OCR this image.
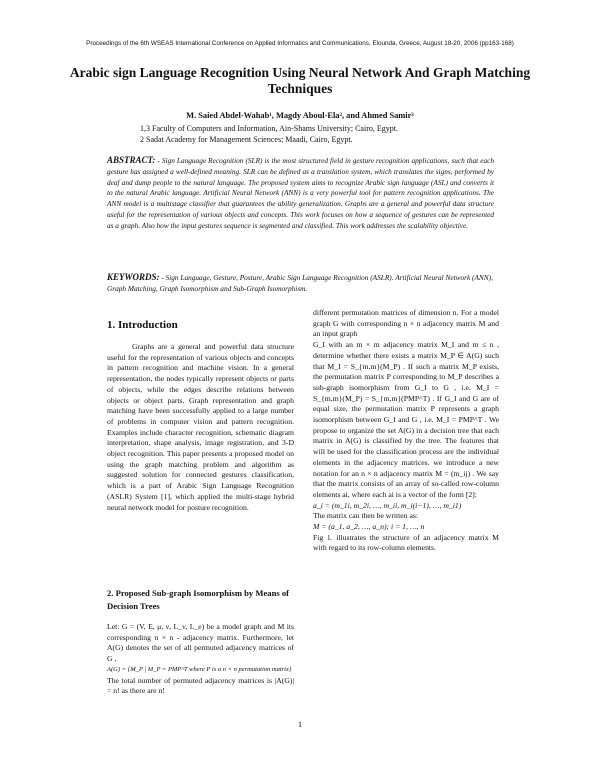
Proceedings of the 6th WSEAS International Conference on Applied Informatics and Communications, Elounda, Greece, August 18-20, 2006 (pp163-168)
Arabic sign Language Recognition Using Neural Network And Graph Matching Techniques
M. Saied Abdel-Wahab¹, Magdy Aboul-Ela², and Ahmed Samir³
1,3 Faculty of Computers and Information, Ain-Shams University; Cairo, Egypt.
2 Sadat Academy for Management Sciences; Maadi, Cairo, Egypt.
ABSTRACT: - Sign Language Recognition (SLR) is the most structured field in gesture recognition applications, such that each gesture has assigned a well-defined meaning. SLR can be defined as a translation system, which translates the signs, performed by deaf and dump people to the natural language. The proposed system aims to recognize Arabic sign language (ASL) and converts it to the natural Arabic language. Artificial Neural Network (ANN) is a very powerful tool for pattern recognition applications. The ANN model is a multistage classifier that guarantees the ability generalization. Graphs are a general and powerful data structure useful for the representation of various objects and concepts. This work focuses on how a sequence of gestures can be represented as a graph. Also how the input gestures sequence is segmented and classified. This work addresses the scalability objective.
KEYWORDS: - Sign Language, Gesture, Posture, Arabic Sign Language Recognition (ASLR). Artificial Neural Network (ANN), Graph Matching, Graph Isomorphism and Sub-Graph Isomorphism.
1. Introduction
Graphs are a general and powerful data structure useful for the representation of various objects and concepts in pattern recognition and machine vision. In a general representation, the nodes typically represent objects or parts of objects, while the edges describe relations between objects or object parts. Graph representation and graph matching have been successfully applied to a large number of problems in computer vision and pattern recognition. Examples include character recognition, schematic diagram interpretation, shape analysis, image registration, and 3-D object recognition. This paper presents a proposed model on using the graph matching problem and algorithm as suggested solution for connected gestures classification, which is a part of Arabic Sign Language Recognition (ASLR) System [1], which applied the multi-stage hybrid neural network model for posture recognition.
2. Proposed Sub-graph Isomorphism by Means of Decision Trees

Let: G = (V, E, μ, ν, L_v, L_e) be a model graph and M its corresponding n × n - adjacency matrix. Furthermore, let A(G) denotes the set of all permuted adjacency matrices of G ,

A(G) = {M_P | M_P = PMP^T where P is a n × n permutation matrix}

The total number of permuted adjacency matrices is |A(G)| = n! as there are n!

different permutation matrices of dimension n. For a model graph G with corresponding n × n adjacency matrix M and an input graph

G_I with an m × m adjacency matrix M_I and m ≤ n , determine whether there exists a matrix M_P ∈ A(G) such that M_I = S_{m,m}(M_P) . If such a matrix M_P exists, the permutation matrix P corresponding to M_P describes a sub-graph isomorphism from G_I to G , i.e. M_I = S_{m,m}(M_P) = S_{m,m}(PMP^T) . If G_I and G are of equal size, the permutation matrix P represents a graph isomorphism between G_I and G , i.e. M_I = PMP^T . We propose to organize the set A(G) in a decision tree that each matrix in A(G) is classified by the tree. The features that will be used for the classification process are the individual elements in the adjacency matrices. we introduce a new notation for an n × n adjacency matrix M = (m_ij) . We say that the matrix consists of an array of so-called row-column elements ai, where each ai is a vector of the form [2]:

a_i = (m_1i, m_2i, …, m_ii, m_i(i−1), …, m_i1)

The matrix can then be written as:

M = (a_1, a_2, …, a_n); i = 1, …, n

Fig 1. illustrates the structure of an adjacency matrix M with regard to its row-column elements.

1
